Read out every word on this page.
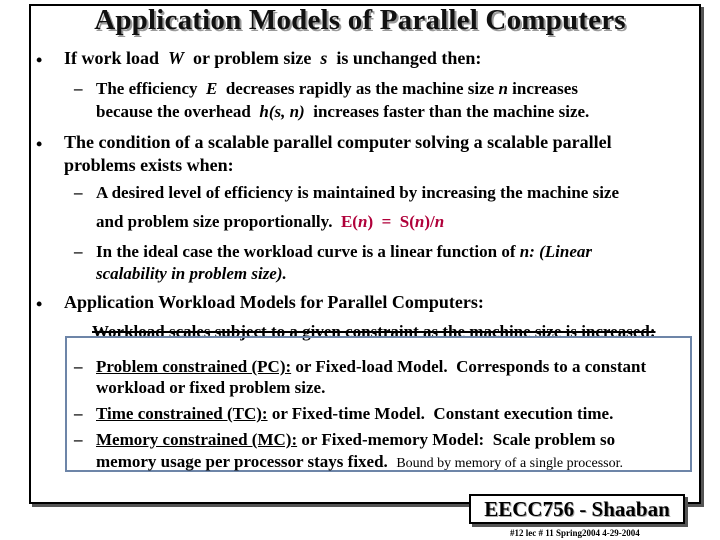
Application Models of Parallel Computers
• If work load W or problem size s is unchanged then:
– The efficiency E decreases rapidly as the machine size n increases
because the overhead h(s, n) increases faster than the machine size.
• The condition of a scalable parallel computer solving a scalable parallel
problems exists when:
– A desired level of efficiency is maintained by increasing the machine size
and problem size proportionally. E(n)  =  S(n)/n
– In the ideal case the workload curve is a linear function of n: (Linear
scalability in problem size).
• Application Workload Models for Parallel Computers:
Workload scales subject to a given constraint as the machine size is increased:
– Problem constrained (PC): or Fixed-load Model.  Corresponds to a constant
workload or fixed problem size.
– Time constrained (TC): or Fixed-time Model.  Constant execution time.
– Memory constrained (MC): or Fixed-memory Model:  Scale problem so
memory usage per processor stays fixed. Bound by memory of a single processor.
EECC756 - Shaaban
#12 lec # 11 Spring2004 4-29-2004
